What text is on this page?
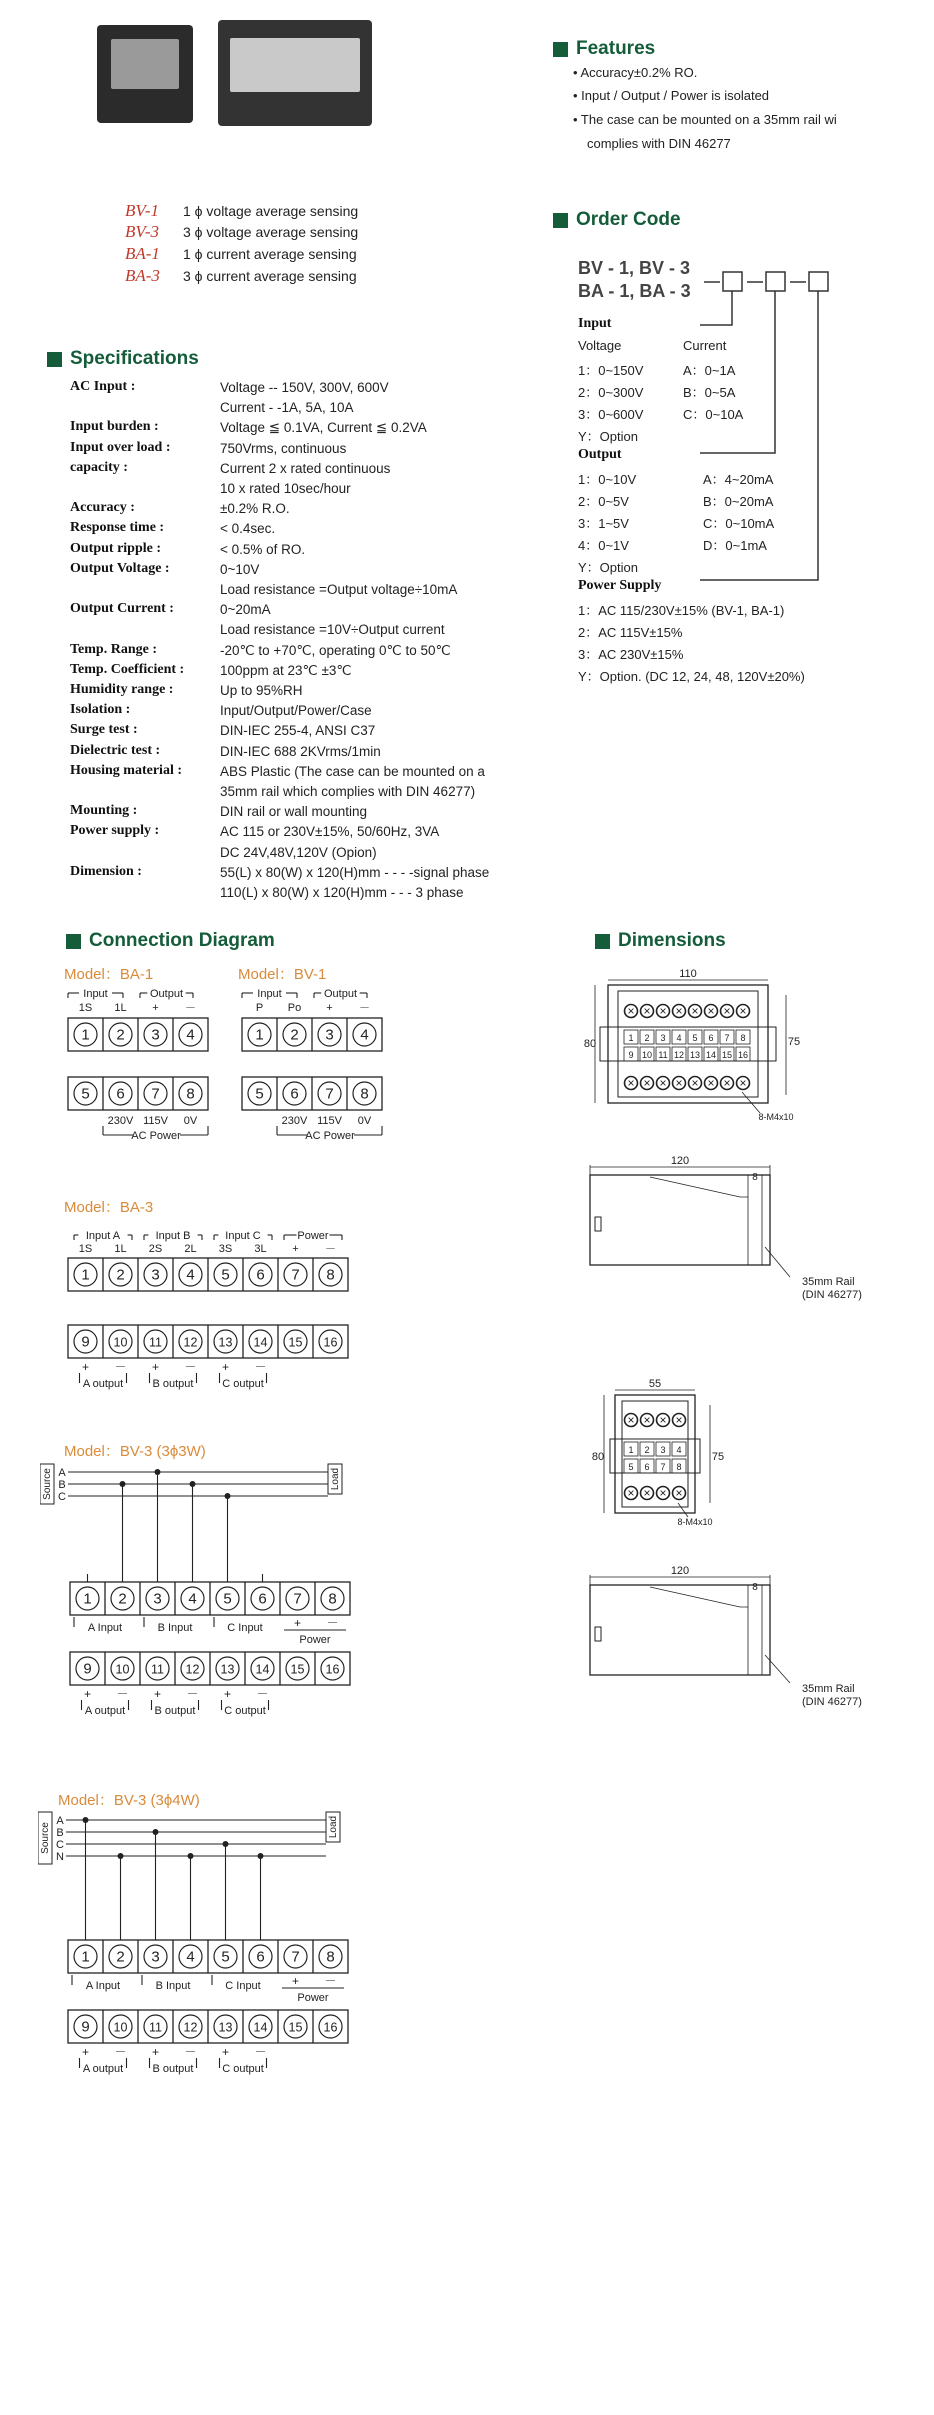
Features
• Accuracy±0.2% RO.
• Input / Output / Power is isolated
• The case can be mounted on a 35mm rail wi
complies with DIN 46277
BV-1 1 ϕ voltage average sensing
BV-3 3 ϕ voltage average sensing
BA-1 1 ϕ current average sensing
BA-3 3 ϕ current average sensing
Order Code
BV - 1, BV - 3
BA - 1, BA - 3
Input
Voltage	Current
1：0~150V	A：0~1A
2：0~300V	B：0~5A
3：0~600V	C：0~10A
Y：Option
Output
1：0~10V	A：4~20mA
2：0~5V	B：0~20mA
3：1~5V	C：0~10mA
4：0~1V	D：0~1mA
Y：Option
Power Supply
1：AC 115/230V±15% (BV-1, BA-1)
2：AC 115V±15%
3：AC 230V±15%
Y：Option. (DC 12, 24, 48, 120V±20%)
Specifications
AC Input :	Voltage -- 150V, 300V, 600V
Current - -1A, 5A, 10A
Input burden :	Voltage ≦ 0.1VA, Current ≦ 0.2VA
Input over load :	750Vrms, continuous
capacity :	Current 2 x rated continuous
10 x rated 10sec/hour
Accuracy :	±0.2% R.O.
Response time :	< 0.4sec.
Output ripple :	< 0.5% of RO.
Output Voltage :	0~10V
Load resistance =Output voltage÷10mA
Output Current :	0~20mA
Load resistance =10V÷Output current
Temp. Range :	-20℃ to +70℃, operating 0℃ to 50℃
Temp. Coefficient :	100ppm at 23℃ ±3℃
Humidity range :	Up to 95%RH
Isolation :	Input/Output/Power/Case
Surge test :	DIN-IEC 255-4, ANSI C37
Dielectric test :	DIN-IEC 688 2KVrms/1min
Housing material :	ABS Plastic (The case can be mounted on a
35mm rail which complies with DIN 46277)
Mounting :	DIN rail or wall mounting
Power supply :	AC 115 or 230V±15%, 50/60Hz, 3VA
DC 24V,48V,120V (Opion)
Dimension :	55(L) x 80(W) x 120(H)mm - - - -signal phase
110(L) x 80(W) x 120(H)mm - - - 3 phase
Connection Diagram	Dimensions
Model：BA-1	Model：BV-1
Model：BA-3
Model：BV-3 (3ϕ3W)
Model：BV-3 (3ϕ4W)
Input	Output
1S 1L + －
1 2 3 4
5 6 7 8
230V 115V 0V
AC Power
Input	Output
P Po + －
1 2 3 4
5 6 7 8
230V 115V 0V
AC Power
Input A	Input B	Input C	Power
1S 1L 2S 2L 3S 3L + －
1 2 3 4 5 6 7 8
9 10 11 12 13 14 15 16
+ － + － + －
A output	B output	C output
Source	Load
A
B
C
1 2 3 4 5 6 7 8
A Input	B Input	C Input	+ －
Power
9 10 11 12 13 14 15 16
+ － + － + －
A output	B output	C output
Source	Load
A
B
C
N
1 2 3 4 5 6 7 8
A Input	B Input	C Input	+ －
Power
9 10 11 12 13 14 15 16
+ － + － + －
A output	B output	C output
110
80	75
×
×
1
9
×
×
2
10
×
×
3
11
×
×
4
12
×
×
5
13
×
×
6
14
×
×
7
15
×
×
8
16
8-M4x10
120
8
35mm Rail
(DIN 46277)
55
80	75
×
×
1
5
×
×
2
6
×
×
3
7
×
×
4
8
8-M4x10
120
8
35mm Rail
(DIN 46277)
